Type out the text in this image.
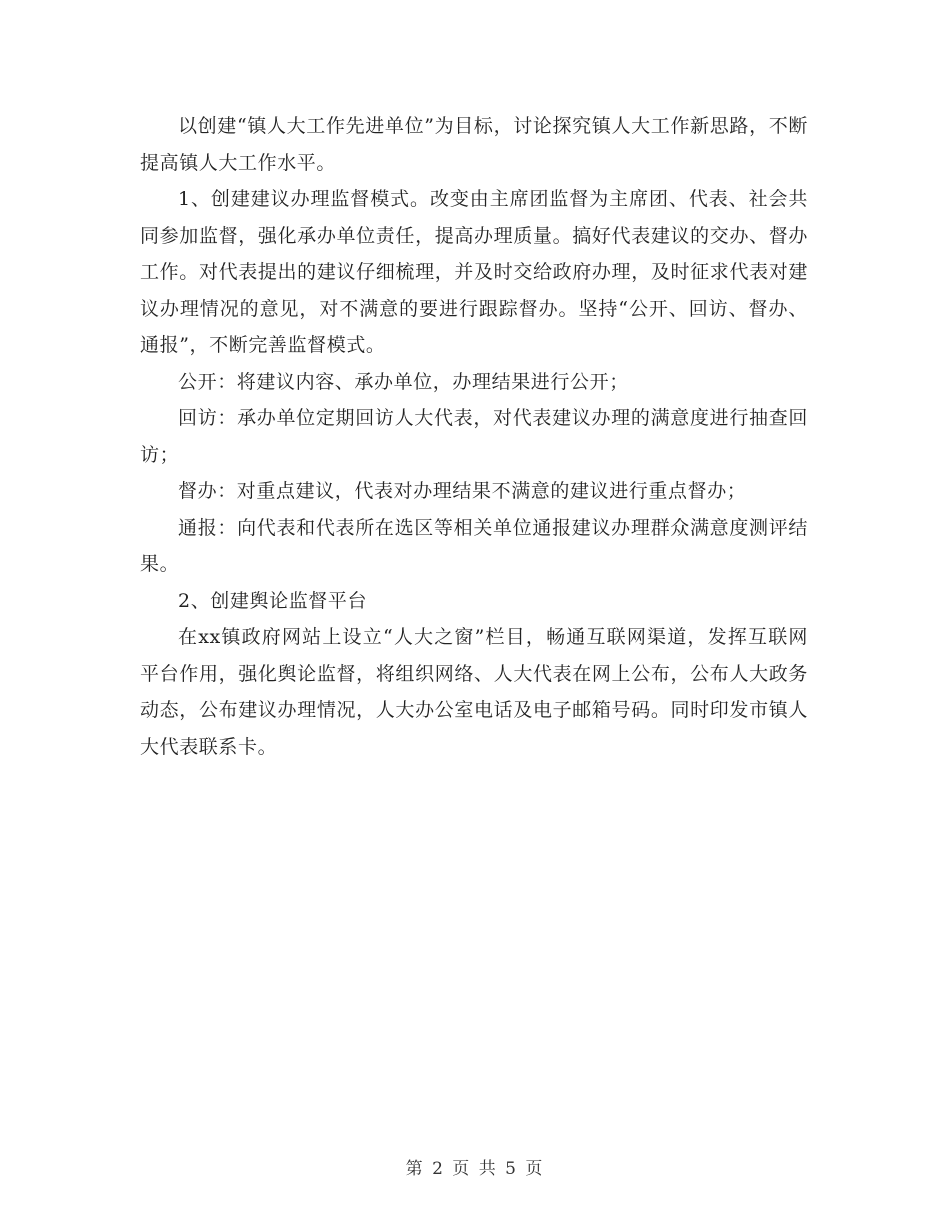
以创建“镇人大工作先进单位”为目标，讨论探究镇人大工作新思路，不断提高镇人大工作水平。

1、创建建议办理监督模式。改变由主席团监督为主席团、代表、社会共同参加监督，强化承办单位责任，提高办理质量。搞好代表建议的交办、督办工作。对代表提出的建议仔细梳理，并及时交给政府办理，及时征求代表对建议办理情况的意见，对不满意的要进行跟踪督办。坚持“公开、回访、督办、通报”，不断完善监督模式。

公开：将建议内容、承办单位，办理结果进行公开；

回访：承办单位定期回访人大代表，对代表建议办理的满意度进行抽查回访；

督办：对重点建议，代表对办理结果不满意的建议进行重点督办；

通报：向代表和代表所在选区等相关单位通报建议办理群众满意度测评结果。

2、创建舆论监督平台

在xx镇政府网站上设立“人大之窗”栏目，畅通互联网渠道，发挥互联网平台作用，强化舆论监督，将组织网络、人大代表在网上公布，公布人大政务动态，公布建议办理情况，人大办公室电话及电子邮箱号码。同时印发市镇人大代表联系卡。

第 2 页 共 5 页
